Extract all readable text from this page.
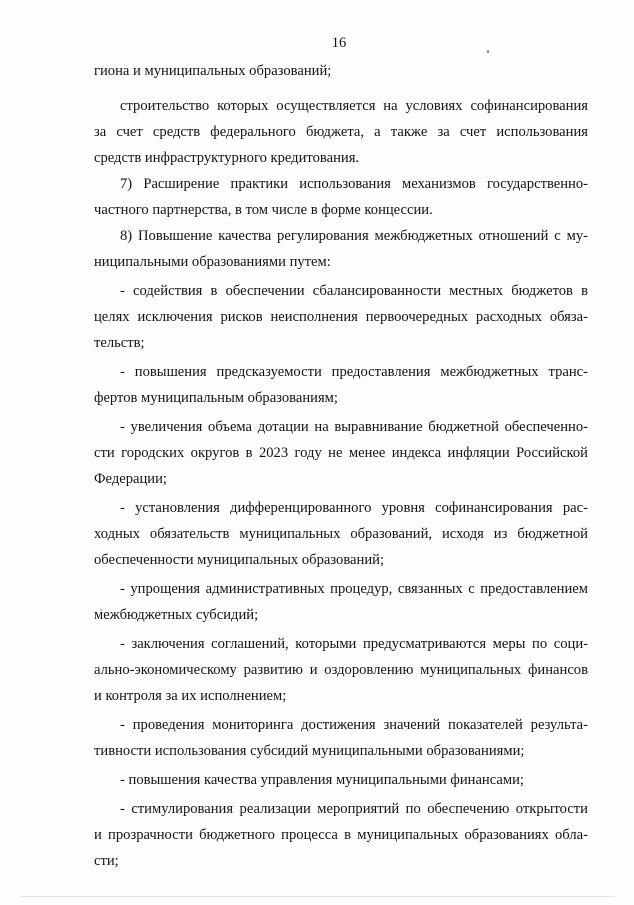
16
гиона и муниципальных образований;
строительство которых осуществляется на условиях софинансирования
за счет средств федерального бюджета, а также за счет использования
средств инфраструктурного кредитования.
7) Расширение практики использования механизмов государственно-
частного партнерства, в том числе в форме концессии.
8) Повышение качества регулирования межбюджетных отношений с му-
ниципальными образованиями путем:
- содействия в обеспечении сбалансированности местных бюджетов в
целях исключения рисков неисполнения первоочередных расходных обяза-
тельств;
- повышения предсказуемости предоставления межбюджетных транс-
фертов муниципальным образованиям;
- увеличения объема дотации на выравнивание бюджетной обеспеченно-
сти городских округов в 2023 году не менее индекса инфляции Российской
Федерации;
- установления дифференцированного уровня софинансирования рас-
ходных обязательств муниципальных образований, исходя из бюджетной
обеспеченности муниципальных образований;
- упрощения административных процедур, связанных с предоставлением
межбюджетных субсидий;
- заключения соглашений, которыми предусматриваются меры по соци-
ально-экономическому развитию и оздоровлению муниципальных финансов
и контроля за их исполнением;
- проведения мониторинга достижения значений показателей результа-
тивности использования субсидий муниципальными образованиями;
- повышения качества управления муниципальными финансами;
- стимулирования реализации мероприятий по обеспечению открытости
и прозрачности бюджетного процесса в муниципальных образованиях обла-
сти;
